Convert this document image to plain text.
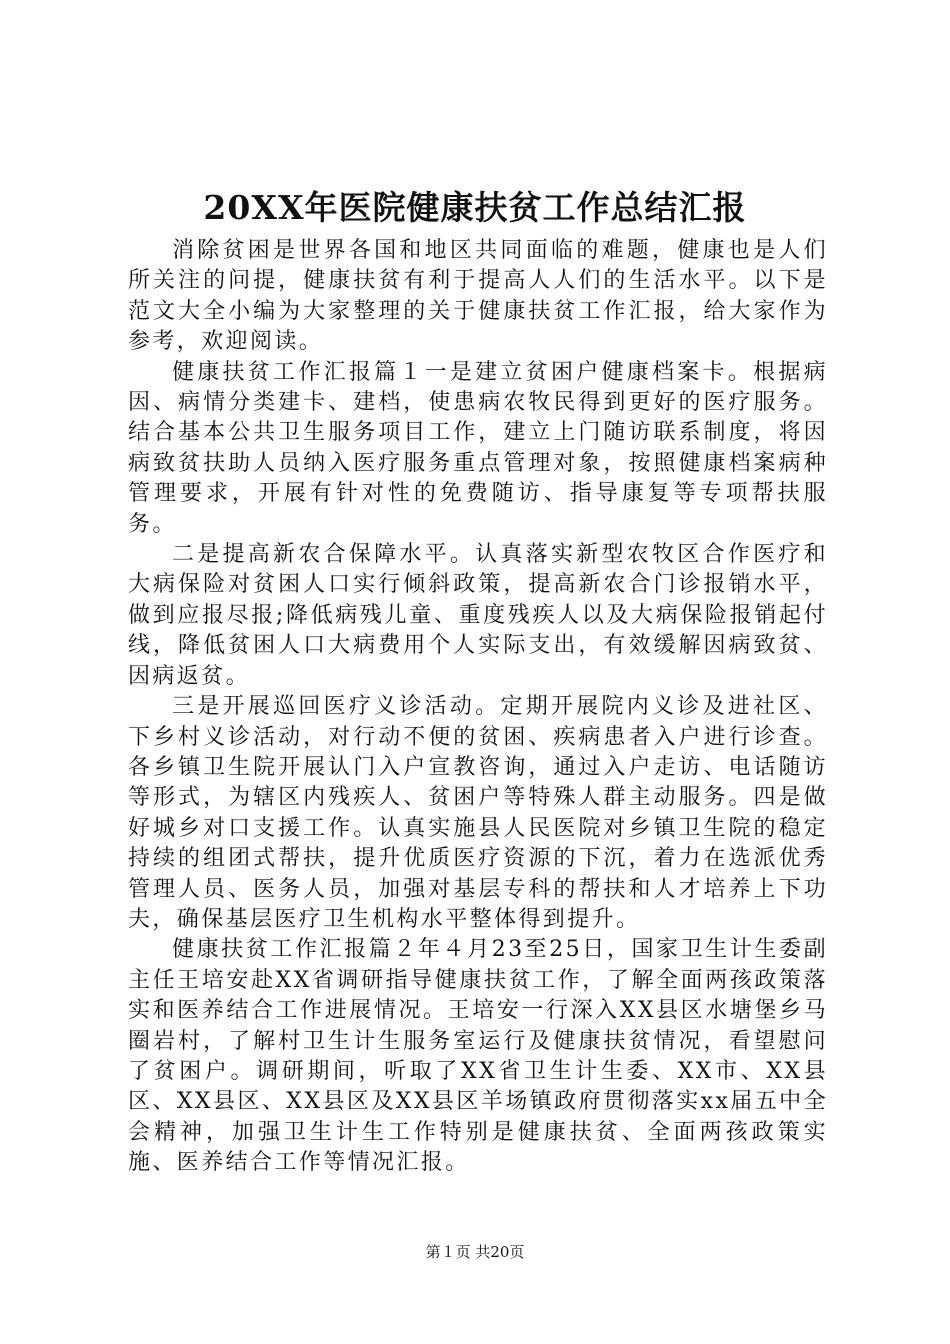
20XX年医院健康扶贫工作总结汇报

消除贫困是世界各国和地区共同面临的难题，健康也是人们所关注的问提，健康扶贫有利于提高人人们的生活水平。以下是范文大全小编为大家整理的关于健康扶贫工作汇报，给大家作为参考，欢迎阅读。

健康扶贫工作汇报篇１一是建立贫困户健康档案卡。根据病因、病情分类建卡、建档，使患病农牧民得到更好的医疗服务。结合基本公共卫生服务项目工作，建立上门随访联系制度，将因病致贫扶助人员纳入医疗服务重点管理对象，按照健康档案病种管理要求，开展有针对性的免费随访、指导康复等专项帮扶服务。

二是提高新农合保障水平。认真落实新型农牧区合作医疗和大病保险对贫困人口实行倾斜政策，提高新农合门诊报销水平，做到应报尽报;降低病残儿童、重度残疾人以及大病保险报销起付线，降低贫困人口大病费用个人实际支出，有效缓解因病致贫、因病返贫。

三是开展巡回医疗义诊活动。定期开展院内义诊及进社区、下乡村义诊活动，对行动不便的贫困、疾病患者入户进行诊查。各乡镇卫生院开展认门入户宣教咨询，通过入户走访、电话随访等形式，为辖区内残疾人、贫困户等特殊人群主动服务。四是做好城乡对口支援工作。认真实施县人民医院对乡镇卫生院的稳定持续的组团式帮扶，提升优质医疗资源的下沉，着力在选派优秀管理人员、医务人员，加强对基层专科的帮扶和人才培养上下功夫，确保基层医疗卫生机构水平整体得到提升。

健康扶贫工作汇报篇２年４月23至25日，国家卫生计生委副主任王培安赴XX省调研指导健康扶贫工作，了解全面两孩政策落实和医养结合工作进展情况。王培安一行深入XX县区水塘堡乡马圈岩村，了解村卫生计生服务室运行及健康扶贫情况，看望慰问了贫困户。调研期间，听取了XX省卫生计生委、XX市、XX县区、XX县区、XX县区及XX县区羊场镇政府贯彻落实xx届五中全会精神，加强卫生计生工作特别是健康扶贫、全面两孩政策实施、医养结合工作等情况汇报。

第１页 共20页
